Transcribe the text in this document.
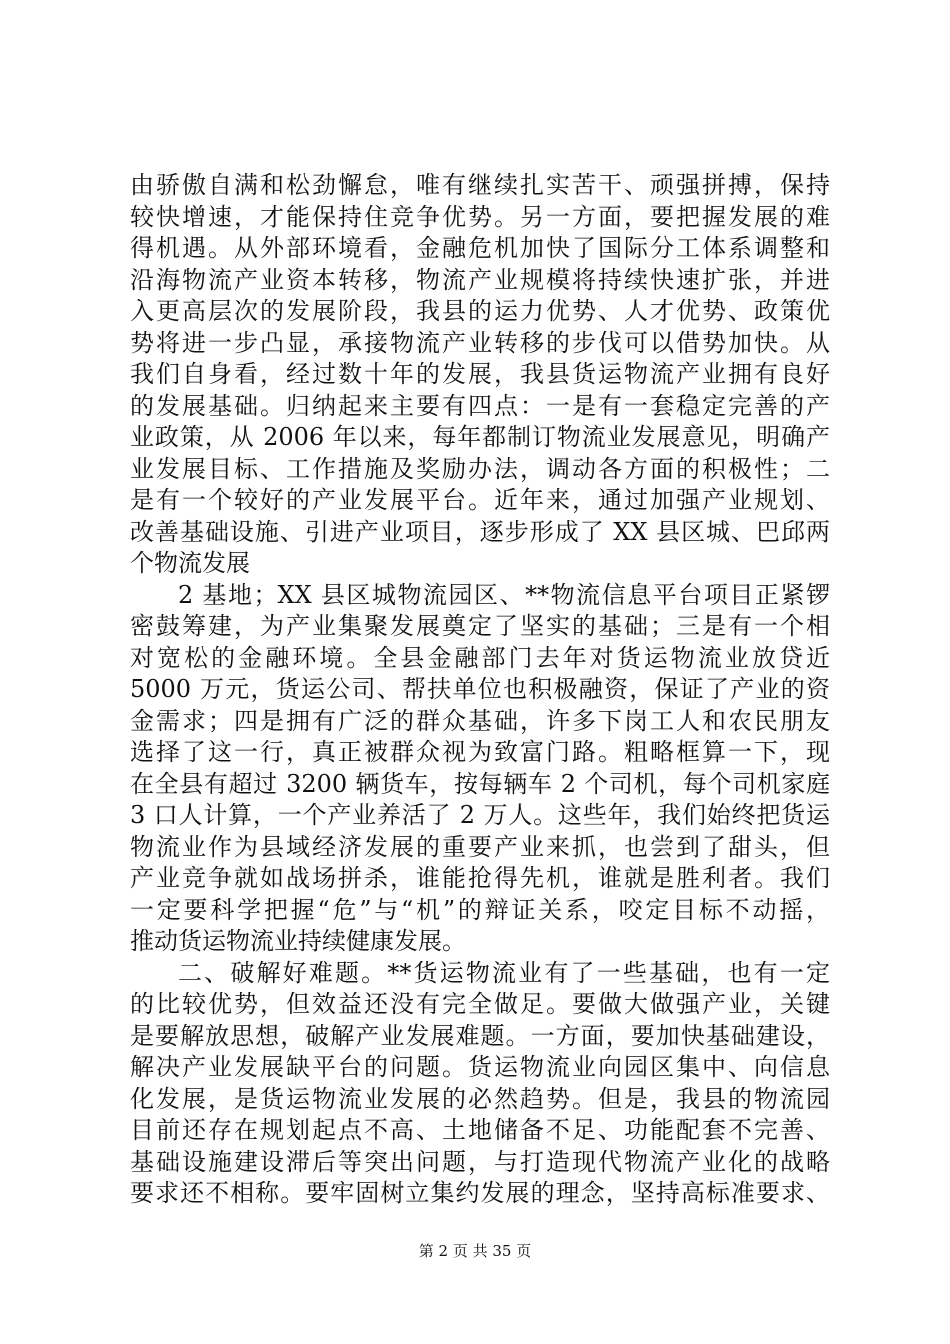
由骄傲自满和松劲懈怠，唯有继续扎实苦干、顽强拼搏，保持
较快增速，才能保持住竞争优势。另一方面，要把握发展的难
得机遇。从外部环境看，金融危机加快了国际分工体系调整和
沿海物流产业资本转移，物流产业规模将持续快速扩张，并进
入更高层次的发展阶段，我县的运力优势、人才优势、政策优
势将进一步凸显，承接物流产业转移的步伐可以借势加快。从
我们自身看，经过数十年的发展，我县货运物流产业拥有良好
的发展基础。归纳起来主要有四点：一是有一套稳定完善的产
业政策，从 2006 年以来，每年都制订物流业发展意见，明确产
业发展目标、工作措施及奖励办法，调动各方面的积极性；二
是有一个较好的产业发展平台。近年来，通过加强产业规划、
改善基础设施、引进产业项目，逐步形成了 XX 县区城、巴邱两
个物流发展
2 基地；XX 县区城物流园区、**物流信息平台项目正紧锣
密鼓筹建，为产业集聚发展奠定了坚实的基础；三是有一个相
对宽松的金融环境。全县金融部门去年对货运物流业放贷近
5000 万元，货运公司、帮扶单位也积极融资，保证了产业的资
金需求；四是拥有广泛的群众基础，许多下岗工人和农民朋友
选择了这一行，真正被群众视为致富门路。粗略框算一下，现
在全县有超过 3200 辆货车，按每辆车 2 个司机，每个司机家庭
3 口人计算，一个产业养活了 2 万人。这些年，我们始终把货运
物流业作为县域经济发展的重要产业来抓，也尝到了甜头，但
产业竞争就如战场拼杀，谁能抢得先机，谁就是胜利者。我们
一定要科学把握“危”与“机”的辩证关系，咬定目标不动摇，
推动货运物流业持续健康发展。
二、破解好难题。**货运物流业有了一些基础，也有一定
的比较优势，但效益还没有完全做足。要做大做强产业，关键
是要解放思想，破解产业发展难题。一方面，要加快基础建设，
解决产业发展缺平台的问题。货运物流业向园区集中、向信息
化发展，是货运物流业发展的必然趋势。但是，我县的物流园
目前还存在规划起点不高、土地储备不足、功能配套不完善、
基础设施建设滞后等突出问题，与打造现代物流产业化的战略
要求还不相称。要牢固树立集约发展的理念，坚持高标准要求、
第 2 页 共 35 页
